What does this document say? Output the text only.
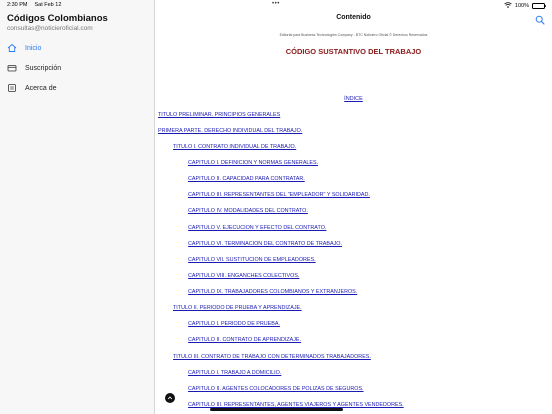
Códigos Colombianos
consultas@noticieroficial.com
Inicio
Suscripción
Acerca de
Contenido
Editorial para Business Technologies Company - BTC Noticiero Oficial © Derechos Reservados
CÓDIGO SUSTANTIVO DEL TRABAJO
ÍNDICE
TITULO PRELIMINAR. PRINCIPIOS GENERALES
PRIMERA PARTE. DERECHO INDIVIDUAL DEL TRABAJO.
TITULO I. CONTRATO INDIVIDUAL DE TRABAJO.
CAPITULO I. DEFINICION Y NORMAS GENERALES.
CAPITULO II. CAPACIDAD PARA CONTRATAR.
CAPITULO III. REPRESENTANTES DEL "EMPLEADOR" Y SOLIDARIDAD.
CAPITULO IV. MODALIDADES DEL CONTRATO.
CAPITULO V. EJECUCION Y EFECTO DEL CONTRATO.
CAPITULO VI. TERMINACION DEL CONTRATO DE TRABAJO.
CAPITULO VII. SUSTITUCION DE EMPLEADORES.
CAPITULO VIII. ENGANCHES COLECTIVOS.
CAPITULO IX. TRABAJADORES COLOMBIANOS Y EXTRANJEROS.
TITULO II. PERIODO DE PRUEBA Y APRENDIZAJE.
CAPITULO I. PERIODO DE PRUEBA.
CAPITULO II. CONTRATO DE APRENDIZAJE.
TITULO III. CONTRATO DE TRABAJO CON DETERMINADOS TRABAJADORES.
CAPITULO I. TRABAJO A DOMICILIO.
CAPITULO II. AGENTES COLOCADORES DE POLIZAS DE SEGUROS.
CAPITULO III. REPRESENTANTES, AGENTES VIAJEROS Y AGENTES VENDEDORES.
2:30 PM Sat Feb 12	•••	100%
